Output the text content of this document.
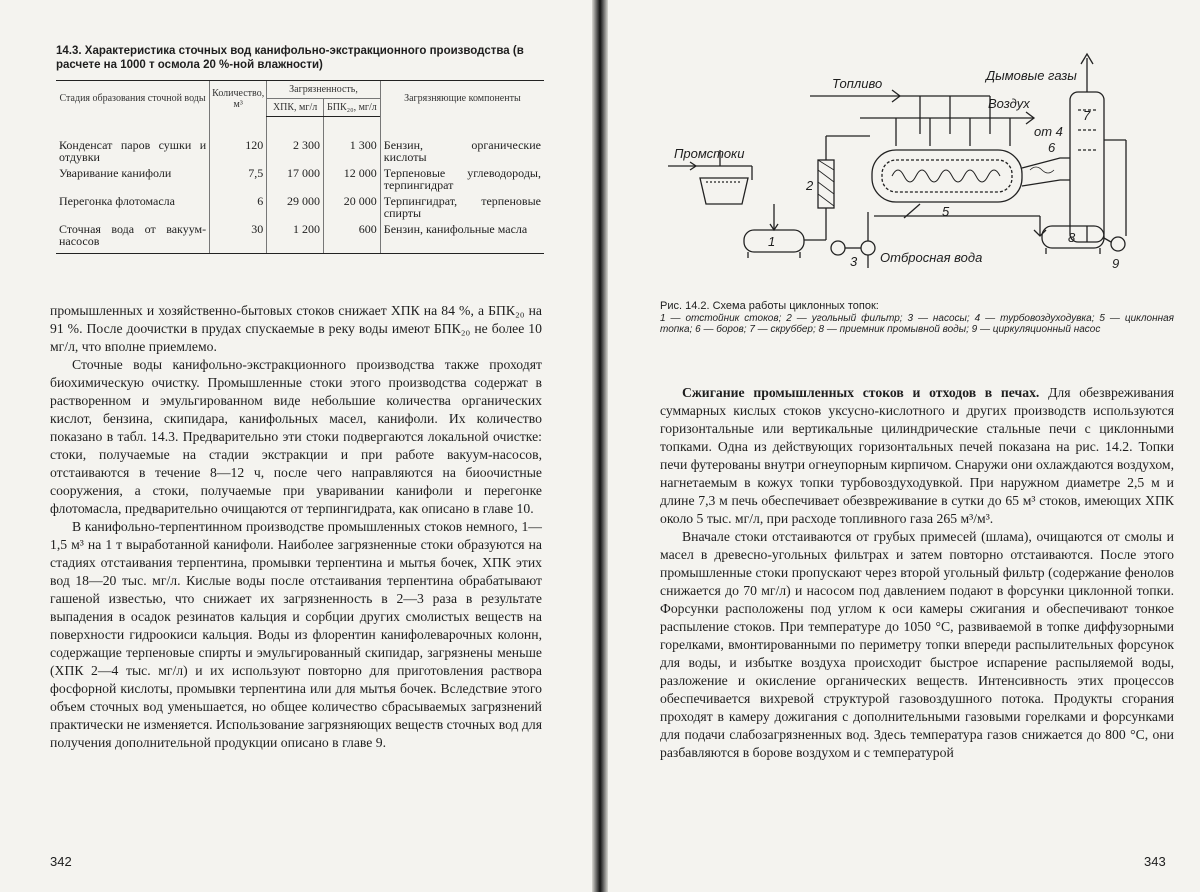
14.3. Характеристика сточных вод канифольно-экстракционного производства (в расчете на 1000 т осмола 20 %-ной влажности)
Стадия образования сточной воды	Количество, м³	Загрязненность,		Загрязняющие компоненты
		ХПК, мг/л	БПК₂₀, мг/л	
Конденсат паров сушки и отдувки	120	2 300	1 300	Бензин, органические кислоты
Уваривание канифоли	7,5	17 000	12 000	Терпеновые углеводороды, терпингидрат
Перегонка флотомасла	6	29 000	20 000	Терпингидрат, терпеновые спирты
Сточная вода от вакуум-насосов	30	1 200	600	Бензин, канифольные масла

промышленных и хозяйственно-бытовых стоков снижает ХПК на 84 %, а БПК₂₀ на 91 %. После доочистки в прудах спускаемые в реку воды имеют БПК₂₀ не более 10 мг/л, что вполне приемлемо.

Сточные воды канифольно-экстракционного производства также проходят биохимическую очистку. Промышленные стоки этого производства содержат в растворенном и эмульгированном виде небольшие количества органических кислот, бензина, скипидара, канифольных масел, канифоли. Их количество показано в табл. 14.3. Предварительно эти стоки подвергаются локальной очистке: стоки, получаемые на стадии экстракции и при работе вакуум-насосов, отстаиваются в течение 8—12 ч, после чего направляются на биоочистные сооружения, а стоки, получаемые при уваривании канифоли и перегонке флотомасла, предварительно очищаются от терпингидрата, как описано в главе 10.

В канифольно-терпентинном производстве промышленных стоков немного, 1—1,5 м³ на 1 т выработанной канифоли. Наиболее загрязненные стоки образуются на стадиях отстаивания терпентина, промывки терпентина и мытья бочек, ХПК этих вод 18—20 тыс. мг/л. Кислые воды после отстаивания терпентина обрабатывают гашеной известью, что снижает их загрязненность в 2—3 раза в результате выпадения в осадок резинатов кальция и сорбции других смолистых веществ на поверхности гидроокиси кальция. Воды из флорентин канифолеварочных колонн, содержащие терпеновые спирты и эмульгированный скипидар, загрязнены меньше (ХПК 2—4 тыс. мг/л) и их используют повторно для приготовления раствора фосфорной кислоты, промывки терпентина или для мытья бочек. Вследствие этого объем сточных вод уменьшается, но общее количество сбрасываемых загрязнений практически не изменяется. Использование загрязняющих веществ сточных вод для получения дополнительной продукции описано в главе 9.

342
Топливо
Дымовые газы
Воздух
от 4
Промстоки
Отбросная вода
1
2
3
5
6
7
8
9
Рис. 14.2. Схема работы циклонных топок:
1 — отстойник стоков; 2 — угольный фильтр; 3 — насосы; 4 — турбовоздуходувка; 5 — циклонная топка; 6 — боров; 7 — скруббер; 8 — приемник промывной воды; 9 — циркуляционный насос

Сжигание промышленных стоков и отходов в печах. Для обезвреживания суммарных кислых стоков уксусно-кислотного и других производств используются горизонтальные или вертикальные цилиндрические стальные печи с циклонными топками. Одна из действующих горизонтальных печей показана на рис. 14.2. Топки печи футерованы внутри огнеупорным кирпичом. Снаружи они охлаждаются воздухом, нагнетаемым в кожух топки турбовоздуходувкой. При наружном диаметре 2,5 м и длине 7,3 м печь обеспечивает обезвреживание в сутки до 65 м³ стоков, имеющих ХПК около 5 тыс. мг/л, при расходе топливного газа 265 м³/м³.

Вначале стоки отстаиваются от грубых примесей (шлама), очищаются от смолы и масел в древесно-угольных фильтрах и затем повторно отстаиваются. После этого промышленные стоки пропускают через второй угольный фильтр (содержание фенолов снижается до 70 мг/л) и насосом под давлением подают в форсунки циклонной топки. Форсунки расположены под углом к оси камеры сжигания и обеспечивают тонкое распыление стоков. При температуре до 1050 °С, развиваемой в топке диффузорными горелками, вмонтированными по периметру топки впереди распылительных форсунок для воды, и избытке воздуха происходит быстрое испарение распыляемой воды, разложение и окисление органических веществ. Интенсивность этих процессов обеспечивается вихревой структурой газовоздушного потока. Продукты сгорания проходят в камеру дожигания с дополнительными газовыми горелками и форсунками для подачи слабозагрязненных вод. Здесь температура газов снижается до 800 °С, они разбавляются в борове воздухом и с температурой

343
